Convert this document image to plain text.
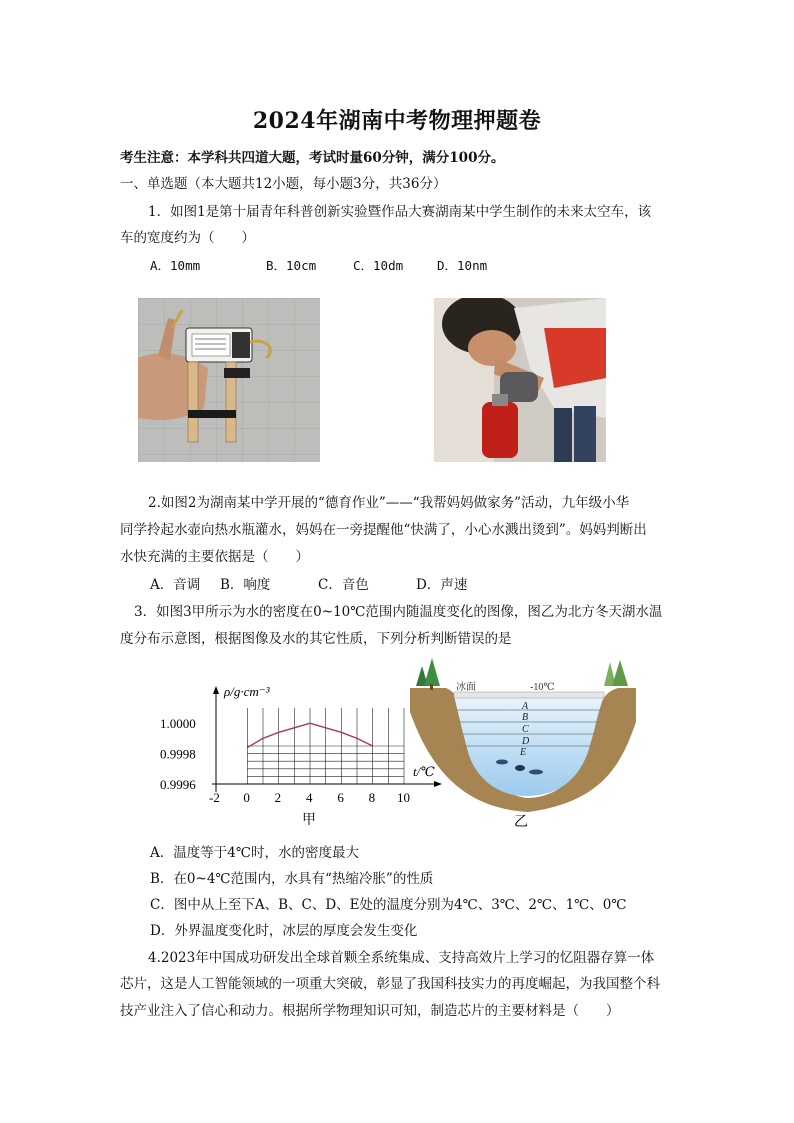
2024年湖南中考物理押题卷
考生注意：本学科共四道大题，考试时量60分钟，满分100分。
一、单选题（本大题共12小题，每小题3分，共36分）
1．如图1是第十届青年科普创新实验暨作品大赛湖南某中学生制作的未来太空车，该
车的宽度约为（　　）
A．10mm	B．10cm	C．10dm	D．10nm
2.如图2为湖南某中学开展的“德育作业”——“我帮妈妈做家务”活动，九年级小华
同学拎起水壶向热水瓶灌水，妈妈在一旁提醒他“快满了，小心水溅出烫到”。妈妈判断出
水快充满的主要依据是（　　）
A．音调 B．响度	C．音色	D．声速
3．如图3甲所示为水的密度在0~10℃范围内随温度变化的图像，图乙为北方冬天湖水温
度分布示意图，根据图像及水的其它性质，下列分析判断错误的是
-2 0 2 4 6 8 10
1.0000
0.9998
0.9996
ρ/g·cm⁻³
t/℃
甲
A
B
C
D
E
冰面	-10℃
乙
A．温度等于4℃时，水的密度最大
B．在0~4℃范围内，水具有“热缩冷胀”的性质
C．图中从上至下A、B、C、D、E处的温度分别为4℃、3℃、2℃、1℃、0℃
D．外界温度变化时，冰层的厚度会发生变化
4.2023年中国成功研发出全球首颗全系统集成、支持高效片上学习的忆阻器存算一体
芯片，这是人工智能领域的一项重大突破，彰显了我国科技实力的再度崛起，为我国整个科
技产业注入了信心和动力。根据所学物理知识可知，制造芯片的主要材料是（　　）
